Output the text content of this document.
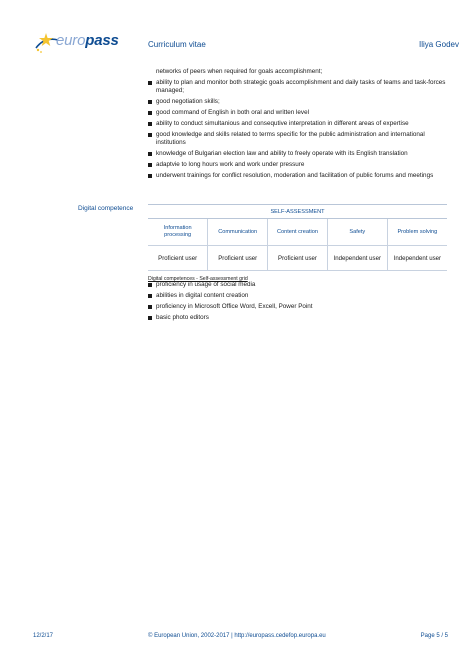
europass	Curriculum vitae	Iliya Godev
networks of peers when required for goals accomplishment;
ability to plan and monitor both strategic goals accomplishment and daily tasks of teams and task-forces managed;
good negotiation skills;
good command of English in both oral and written level
ability to conduct simultanious and consequtive interpretation in different areas of expertise
good knowledge and skills related to terms specific for the public administration and international institutions
knowledge of Bulgarian election law and ability to freely operate with its English translation
adaptvie to long hours work and work under pressure
underwent trainings for conflict resolution, moderation and facilitation of public forums and meetings
Digital competence	SELF-ASSESSMENT				
Information processing	Communication	Content creation	Safety	Problem solving
Proficient user	Proficient user	Proficient user	Independent user	Independent user
Digital competences - Self-assessment grid
proficiency in usage of social media
abilities in digital content creation
proficiency in Microsoft Office Word, Excell, Power Point
basic photo editors
12/2/17	© European Union, 2002-2017 | http://europass.cedefop.europa.eu	Page 5 / 5
